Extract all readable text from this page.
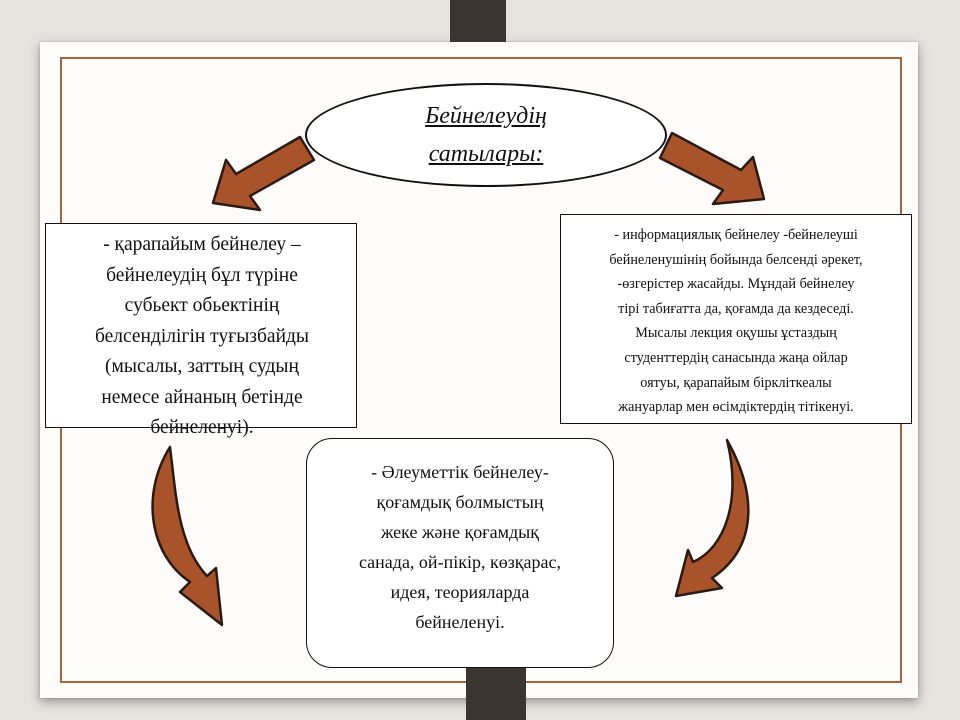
Бейнелеудің
сатылары:
- қарапайым бейнелеу –
бейнелеудің бұл түріне
субьект обьектінің
белсенділігін туғызбайды
(мысалы, заттың судың
немесе айнаның бетінде
бейнеленуі).
- информациялық бейнелеу -бейнелеуші
бейнеленушінің бойында белсенді әрекет,
-өзгерістер жасайды. Мұндай бейнелеу
тірі табиғатта да, қоғамда да кездеседі.
Мысалы лекция оқушы ұстаздың
студенттердің санасында жаңа ойлар
оятуы, қарапайым біркліткеалы
жануарлар мен өсімдіктердің тітікенуі.
- Әлеуметтік бейнелеу-
қоғамдық болмыстың
жеке және қоғамдық
санада, ой-пікір, көзқарас,
идея, теорияларда
бейнеленуі.
